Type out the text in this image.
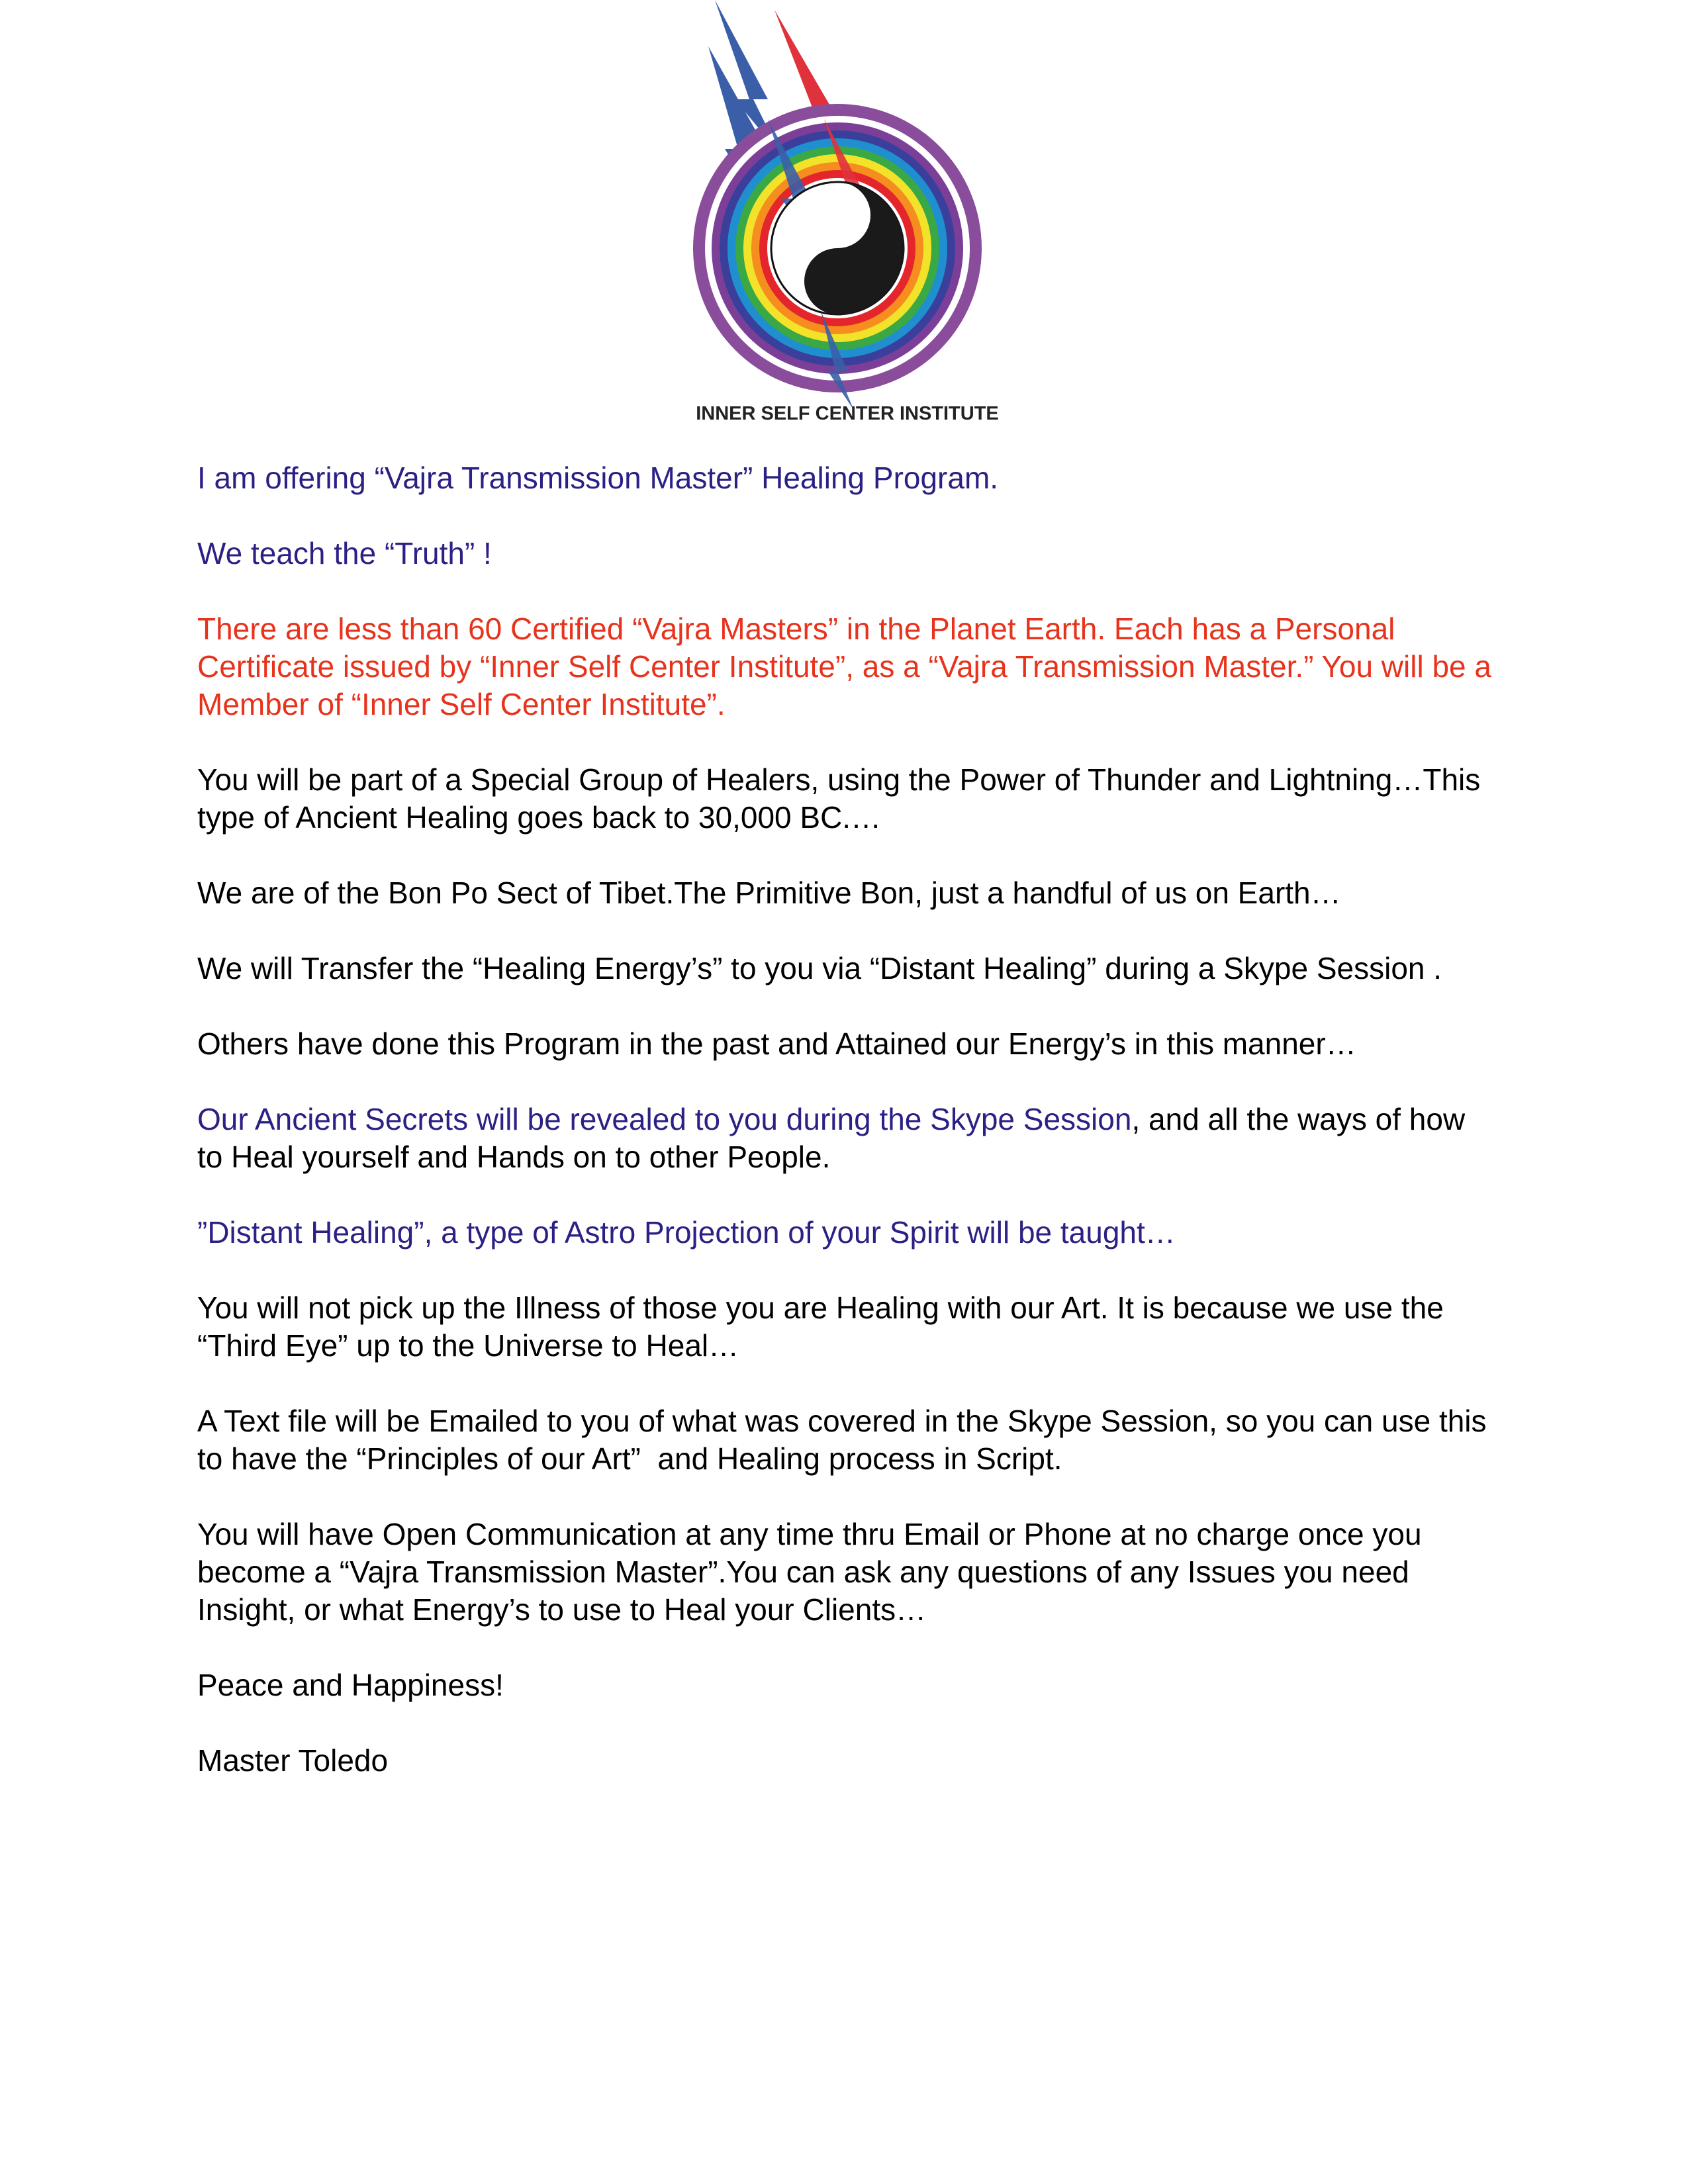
INNER SELF CENTER INSTITUTE

I am offering “Vajra Transmission Master” Healing Program.

We teach the “Truth” !

There are less than 60 Certified “Vajra Masters” in the Planet Earth. Each has a Personal Certificate issued by “Inner Self Center Institute”, as a “Vajra Transmission Master.” You will be a Member of “Inner Self Center Institute”.

You will be part of a Special Group of Healers, using the Power of Thunder and Lightning…This type of Ancient Healing goes back to 30,000 BC.…

We are of the Bon Po Sect of Tibet.The Primitive Bon, just a handful of us on Earth…

We will Transfer the “Healing Energy’s” to you via “Distant Healing” during a Skype Session .

Others have done this Program in the past and Attained our Energy’s in this manner…

Our Ancient Secrets will be revealed to you during the Skype Session, and all the ways of how to Heal yourself and Hands on to other People.

”Distant Healing”, a type of Astro Projection of your Spirit will be taught…

You will not pick up the Illness of those you are Healing with our Art. It is because we use the “Third Eye” up to the Universe to Heal…

A Text file will be Emailed to you of what was covered in the Skype Session, so you can use this to have the “Principles of our Art”  and Healing process in Script.

You will have Open Communication at any time thru Email or Phone at no charge once you become a “Vajra Transmission Master”.You can ask any questions of any Issues you need Insight, or what Energy’s to use to Heal your Clients…

Peace and Happiness!

Master Toledo
